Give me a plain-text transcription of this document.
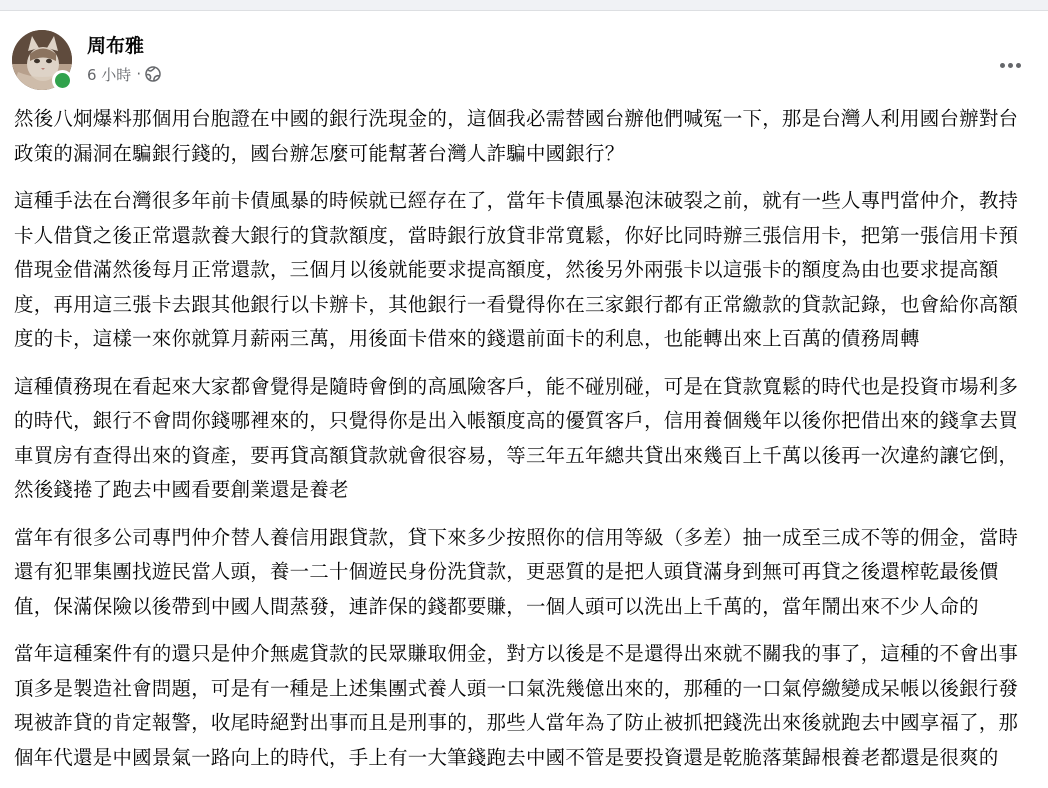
周布雅
6 小時 ·

然後八炯爆料那個用台胞證在中國的銀行洗現金的，這個我必需替國台辦他們喊冤一下，那是台灣人利用國台辦對台政策的漏洞在騙銀行錢的，國台辦怎麼可能幫著台灣人詐騙中國銀行？

這種手法在台灣很多年前卡債風暴的時候就已經存在了，當年卡債風暴泡沫破裂之前，就有一些人專門當仲介，教持卡人借貸之後正常還款養大銀行的貸款額度，當時銀行放貸非常寬鬆，你好比同時辦三張信用卡，把第一張信用卡預借現金借滿然後每月正常還款，三個月以後就能要求提高額度，然後另外兩張卡以這張卡的額度為由也要求提高額度，再用這三張卡去跟其他銀行以卡辦卡，其他銀行一看覺得你在三家銀行都有正常繳款的貸款記錄，也會給你高額度的卡，這樣一來你就算月薪兩三萬，用後面卡借來的錢還前面卡的利息，也能轉出來上百萬的債務周轉

這種債務現在看起來大家都會覺得是隨時會倒的高風險客戶，能不碰別碰，可是在貸款寬鬆的時代也是投資市場利多的時代，銀行不會問你錢哪裡來的，只覺得你是出入帳額度高的優質客戶，信用養個幾年以後你把借出來的錢拿去買車買房有查得出來的資產，要再貸高額貸款就會很容易，等三年五年總共貸出來幾百上千萬以後再一次違約讓它倒，然後錢捲了跑去中國看要創業還是養老

當年有很多公司專門仲介替人養信用跟貸款，貸下來多少按照你的信用等級（多差）抽一成至三成不等的佣金，當時還有犯罪集團找遊民當人頭，養一二十個遊民身份洗貸款，更惡質的是把人頭貸滿身到無可再貸之後還榨乾最後價值，保滿保險以後帶到中國人間蒸發，連詐保的錢都要賺，一個人頭可以洗出上千萬的，當年鬧出來不少人命的

當年這種案件有的還只是仲介無處貸款的民眾賺取佣金，對方以後是不是還得出來就不關我的事了，這種的不會出事頂多是製造社會問題，可是有一種是上述集團式養人頭一口氣洗幾億出來的，那種的一口氣停繳變成呆帳以後銀行發現被詐貸的肯定報警，收尾時絕對出事而且是刑事的，那些人當年為了防止被抓把錢洗出來後就跑去中國享福了，那個年代還是中國景氣一路向上的時代，手上有一大筆錢跑去中國不管是要投資還是乾脆落葉歸根養老都還是很爽的
